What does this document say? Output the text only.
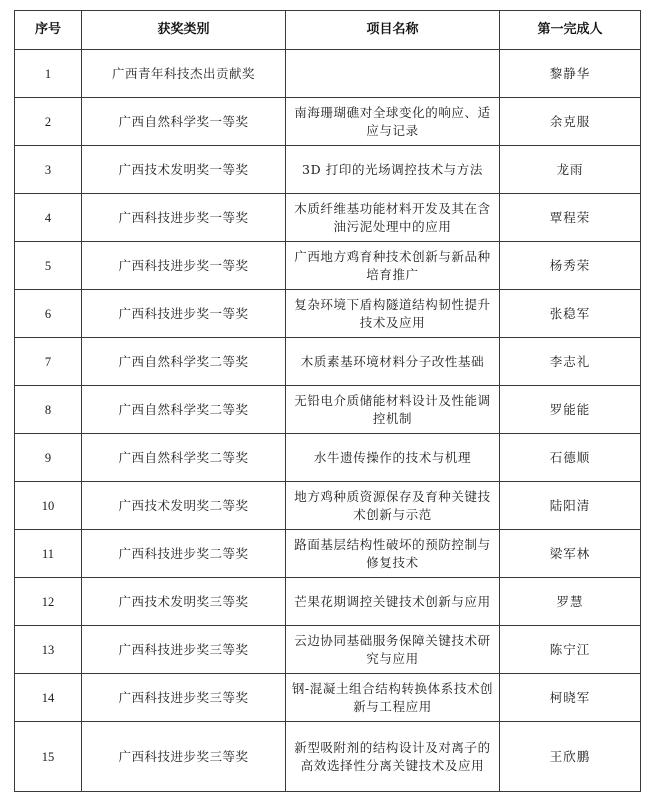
序号	获奖类别	项目名称	第一完成人
1	广西青年科技杰出贡献奖		黎静华
2	广西自然科学奖一等奖	南海珊瑚礁对全球变化的响应、适应与记录	余克服
3	广西技术发明奖一等奖	3D 打印的光场调控技术与方法	龙雨
4	广西科技进步奖一等奖	木质纤维基功能材料开发及其在含油污泥处理中的应用	覃程荣
5	广西科技进步奖一等奖	广西地方鸡育种技术创新与新品种培育推广	杨秀荣
6	广西科技进步奖一等奖	复杂环境下盾构隧道结构韧性提升技术及应用	张稳军
7	广西自然科学奖二等奖	木质素基环境材料分子改性基础	李志礼
8	广西自然科学奖二等奖	无铅电介质储能材料设计及性能调控机制	罗能能
9	广西自然科学奖二等奖	水牛遗传操作的技术与机理	石德顺
10	广西技术发明奖二等奖	地方鸡种质资源保存及育种关键技术创新与示范	陆阳清
11	广西科技进步奖二等奖	路面基层结构性破坏的预防控制与修复技术	梁军林
12	广西技术发明奖三等奖	芒果花期调控关键技术创新与应用	罗慧
13	广西科技进步奖三等奖	云边协同基础服务保障关键技术研究与应用	陈宁江
14	广西科技进步奖三等奖	钢-混凝土组合结构转换体系技术创新与工程应用	柯晓军
15	广西科技进步奖三等奖	新型吸附剂的结构设计及对离子的高效选择性分离关键技术及应用	王欣鹏
